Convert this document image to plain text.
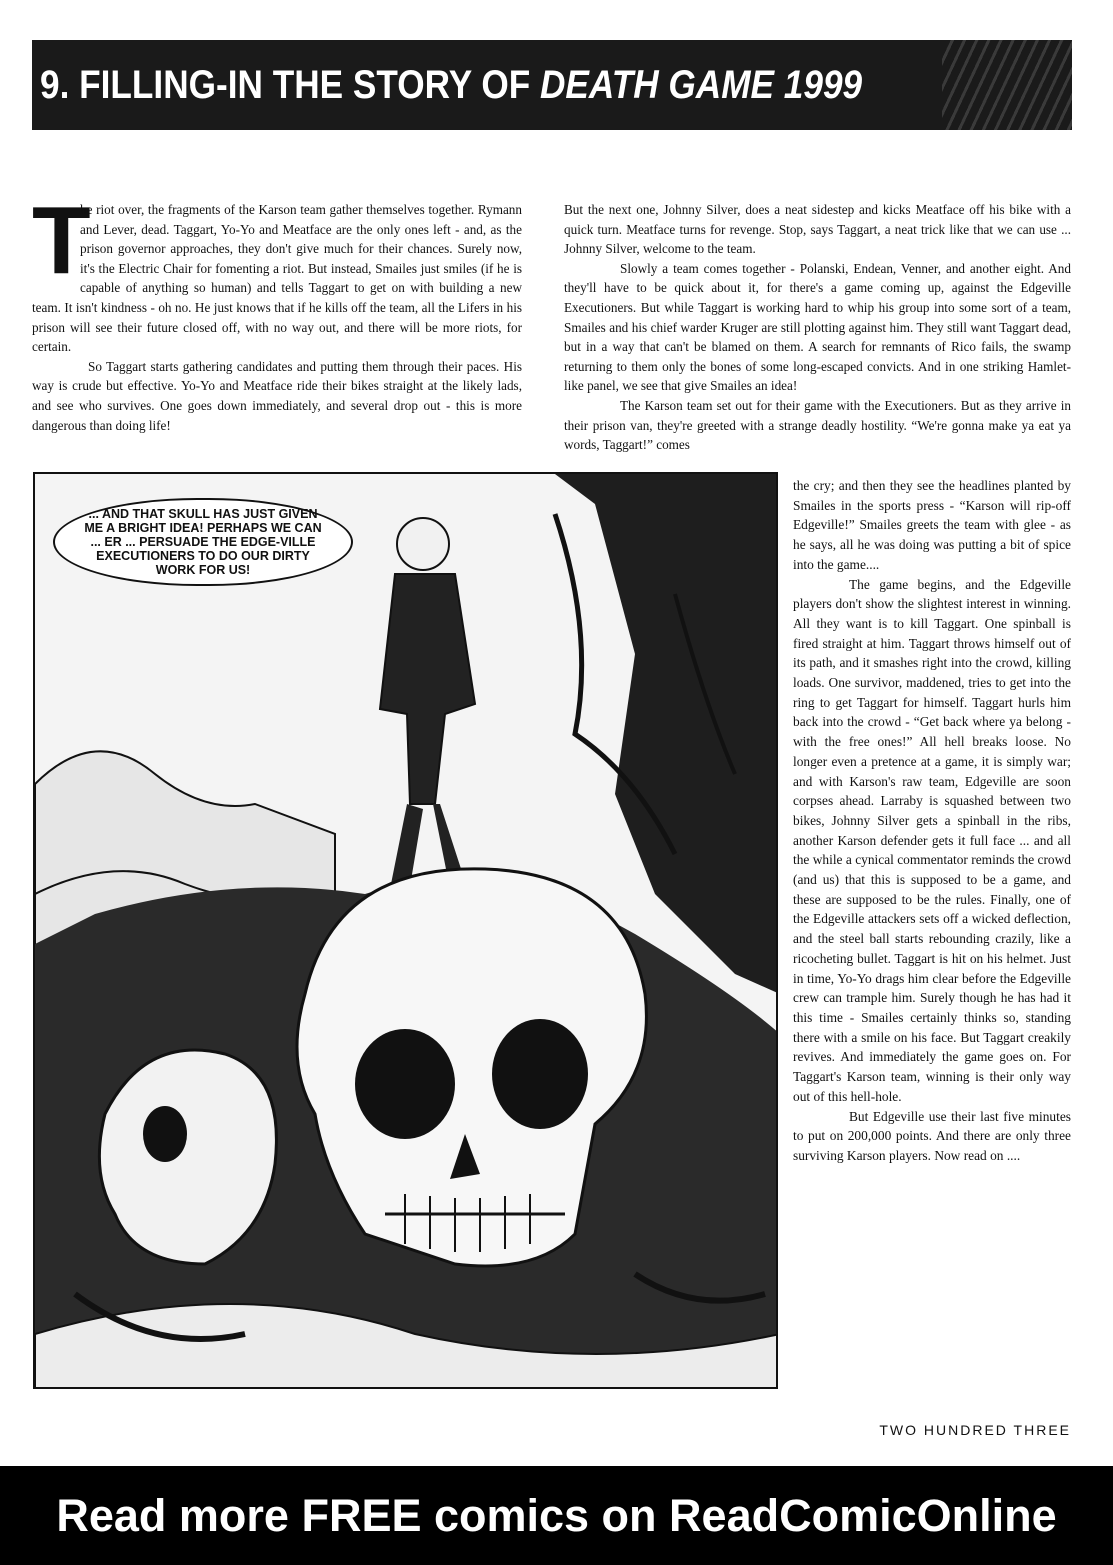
9. FILLING-IN THE STORY OF DEATH GAME 1999
T

he riot over, the fragments of the Karson team gather themselves together. Rymann and Lever, dead. Taggart, Yo-Yo and Meatface are the only ones left - and, as the prison governor approaches, they don't give much for their chances. Surely now, it's the Electric Chair for fomenting a riot. But instead, Smailes just smiles (if he is capable of anything so human) and tells Taggart to get on with building a new team. It isn't kindness - oh no. He just knows that if he kills off the team, all the Lifers in his prison will see their future closed off, with no way out, and there will be more riots, for certain.

So Taggart starts gathering candidates and putting them through their paces. His way is crude but effective. Yo-Yo and Meatface ride their bikes straight at the likely lads, and see who survives. One goes down immediately, and several drop out - this is more dangerous than doing life!

But the next one, Johnny Silver, does a neat sidestep and kicks Meatface off his bike with a quick turn. Meatface turns for revenge. Stop, says Taggart, a neat trick like that we can use ... Johnny Silver, welcome to the team.

Slowly a team comes together - Polanski, Endean, Venner, and another eight. And they'll have to be quick about it, for there's a game coming up, against the Edgeville Executioners. But while Taggart is working hard to whip his group into some sort of a team, Smailes and his chief warder Kruger are still plotting against him. They still want Taggart dead, but in a way that can't be blamed on them. A search for remnants of Rico fails, the swamp returning to them only the bones of some long-escaped convicts. And in one striking Hamlet-like panel, we see that give Smailes an idea!

The Karson team set out for their game with the Executioners. But as they arrive in their prison van, they're greeted with a strange deadly hostility. “We're gonna make ya eat ya words, Taggart!” comes

the cry; and then they see the headlines planted by Smailes in the sports press - “Karson will rip-off Edgeville!” Smailes greets the team with glee - as he says, all he was doing was putting a bit of spice into the game....

The game begins, and the Edgeville players don't show the slightest interest in winning. All they want is to kill Taggart. One spinball is fired straight at him. Taggart throws himself out of its path, and it smashes right into the crowd, killing loads. One survivor, maddened, tries to get into the ring to get Taggart for himself. Taggart hurls him back into the crowd - “Get back where ya belong - with the free ones!” All hell breaks loose. No longer even a pretence at a game, it is simply war; and with Karson's raw team, Edgeville are soon corpses ahead. Larraby is squashed between two bikes, Johnny Silver gets a spinball in the ribs, another Karson defender gets it full face ... and all the while a cynical commentator reminds the crowd (and us) that this is supposed to be a game, and these are supposed to be the rules. Finally, one of the Edgeville attackers sets off a wicked deflection, and the steel ball starts rebounding crazily, like a ricocheting bullet. Taggart is hit on his helmet. Just in time, Yo-Yo drags him clear before the Edgeville crew can trample him. Surely though he has had it this time - Smailes certainly thinks so, standing there with a smile on his face. But Taggart creakily revives. And immediately the game goes on. For Taggart's Karson team, winning is their only way out of this hell-hole.

But Edgeville use their last five minutes to put on 200,000 points. And there are only three surviving Karson players. Now read on ....

... AND THAT SKULL HAS JUST GIVEN ME A BRIGHT IDEA! PERHAPS WE CAN ... ER ... PERSUADE THE EDGE-VILLE EXECUTIONERS TO DO OUR DIRTY WORK FOR US!
TWO HUNDRED THREE
Read more FREE comics on ReadComicOnline
